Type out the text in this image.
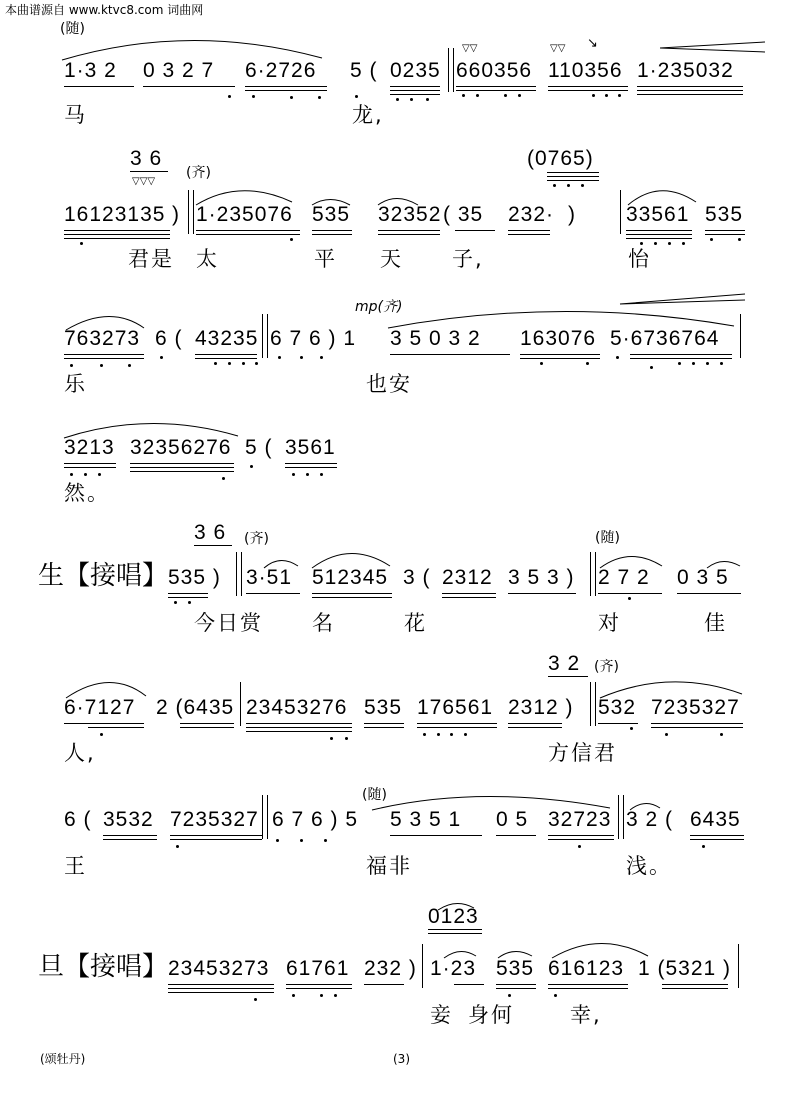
本曲谱源自 www.ktvc8.com 词曲网
(颂牡丹)	(3)
(随)
▽▽	▽▽ ↘
1·3 2 0 3 2 7 6·2726 5 ( 0235 660356 110356 1·235032
马	龙,
3 6
▽▽▽
(齐)
(0765)
16123135 ) 1·235076 535 32352 ( 35 232· ) 33561 535
君是 太	平 天 子,	怡
mp(齐)
763273 6 ( 43235 6 7 6 ) 1 3 5 0 3 2 163076 5·6736764
乐	也安
3213 32356276 5 ( 3561
然。
3 6 (齐)	(随)
生【接唱】 535 ) 3·51 512345 3 ( 2312 3 5 3 ) 2 7 2 0 3 5
今日赏 名	花	对	佳
3 2 (齐)
6·7127 2 (6435 23453276 535 176561 2312 ) 532 7235327
人,	方信君
(随)
6 ( 3532 7235327 6 7 6 ) 5 5 3 5 1 0 5 32723 3 2 ( 6435
王	福非	浅。
0123
旦【接唱】 23453273 61761 232 ) 1·23 535 616123 1 (5321 )
妾 身何	幸,
